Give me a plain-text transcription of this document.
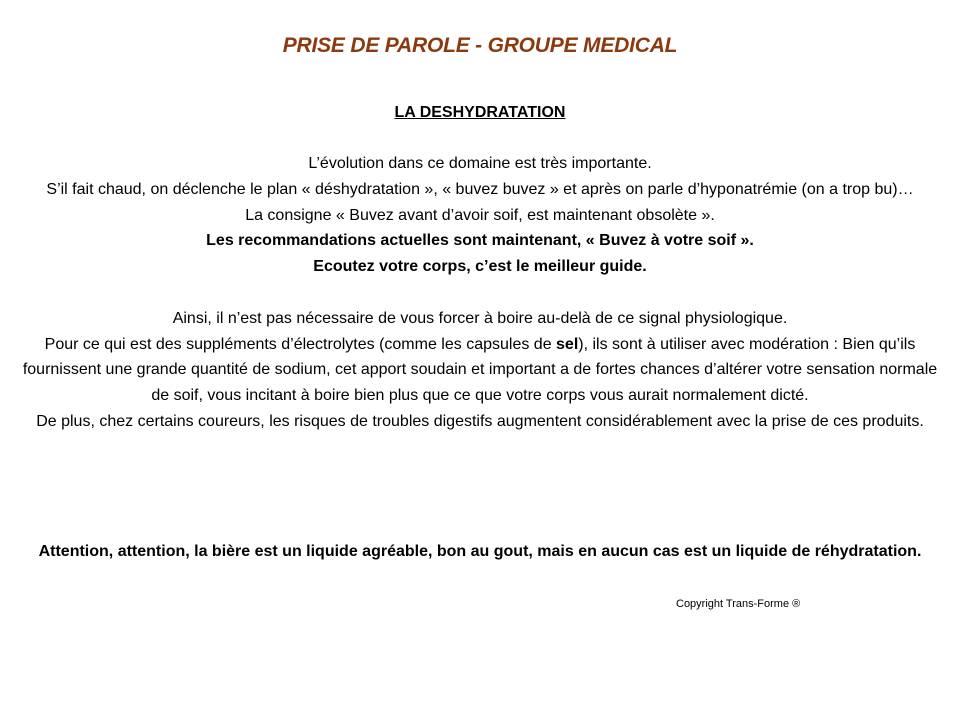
PRISE DE PAROLE - GROUPE MEDICAL
LA DESHYDRATATION

L’évolution dans ce domaine est très importante.

S’il fait chaud, on déclenche le plan « déshydratation », « buvez buvez » et après on parle d’hyponatrémie (on a trop bu)…

La consigne « Buvez avant d’avoir soif, est maintenant obsolète ».

Les recommandations actuelles sont maintenant, « Buvez à votre soif ».

Ecoutez votre corps, c’est le meilleur guide.

Ainsi, il n’est pas nécessaire de vous forcer à boire au-delà de ce signal physiologique.

Pour ce qui est des suppléments d’électrolytes (comme les capsules de sel), ils sont à utiliser avec modération : Bien qu’ils fournissent une grande quantité de sodium, cet apport soudain et important a de fortes chances d’altérer votre sensation normale de soif, vous incitant à boire bien plus que ce que votre corps vous aurait normalement dicté.

De plus, chez certains coureurs, les risques de troubles digestifs augmentent considérablement avec la prise de ces produits.

Attention, attention, la bière est un liquide agréable, bon au gout, mais en aucun cas est un liquide de réhydratation.
Copyright Trans-Forme ®
